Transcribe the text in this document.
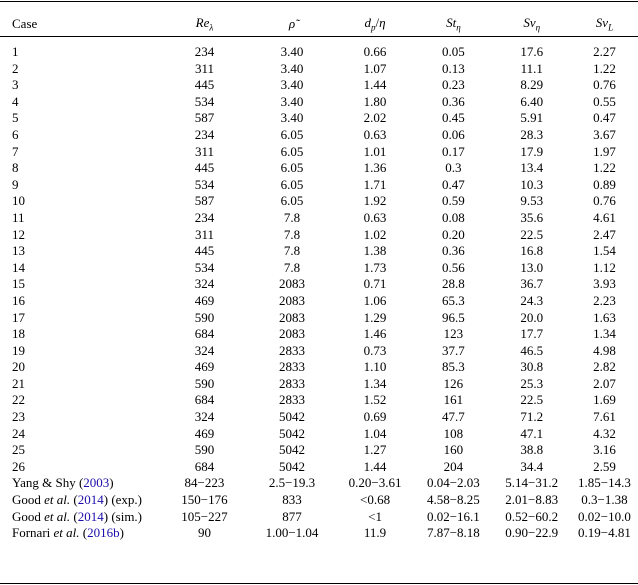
Case	$Re_\lambda$	ρ̃	$d_p/\eta$	$St_\eta$	$Sv_\eta$	$Sv_L$

1	234	3.40	0.66	0.05	17.6	2.27
2	311	3.40	1.07	0.13	11.1	1.22
3	445	3.40	1.44	0.23	8.29	0.76
4	534	3.40	1.80	0.36	6.40	0.55
5	587	3.40	2.02	0.45	5.91	0.47
6	234	6.05	0.63	0.06	28.3	3.67
7	311	6.05	1.01	0.17	17.9	1.97
8	445	6.05	1.36	0.3	13.4	1.22
9	534	6.05	1.71	0.47	10.3	0.89
10	587	6.05	1.92	0.59	9.53	0.76
11	234	7.8	0.63	0.08	35.6	4.61
12	311	7.8	1.02	0.20	22.5	2.47
13	445	7.8	1.38	0.36	16.8	1.54
14	534	7.8	1.73	0.56	13.0	1.12
15	324	2083	0.71	28.8	36.7	3.93
16	469	2083	1.06	65.3	24.3	2.23
17	590	2083	1.29	96.5	20.0	1.63
18	684	2083	1.46	123	17.7	1.34
19	324	2833	0.73	37.7	46.5	4.98
20	469	2833	1.10	85.3	30.8	2.82
21	590	2833	1.34	126	25.3	2.07
22	684	2833	1.52	161	22.5	1.69
23	324	5042	0.69	47.7	71.2	7.61
24	469	5042	1.04	108	47.1	4.32
25	590	5042	1.27	160	38.8	3.16
26	684	5042	1.44	204	34.4	2.59
Yang & Shy (2003)	84−223	2.5−19.3	0.20−3.61	0.04−2.03	5.14−31.2	1.85−14.3
Good et al. (2014) (exp.)	150−176	833	<0.68	4.58−8.25	2.01−8.83	0.3−1.38
Good et al. (2014) (sim.)	105−227	877	<1	0.02−16.1	0.52−60.2	0.02−10.0
Fornari et al. (2016b)	90	1.00−1.04	11.9	7.87−8.18	0.90−22.9	0.19−4.81
